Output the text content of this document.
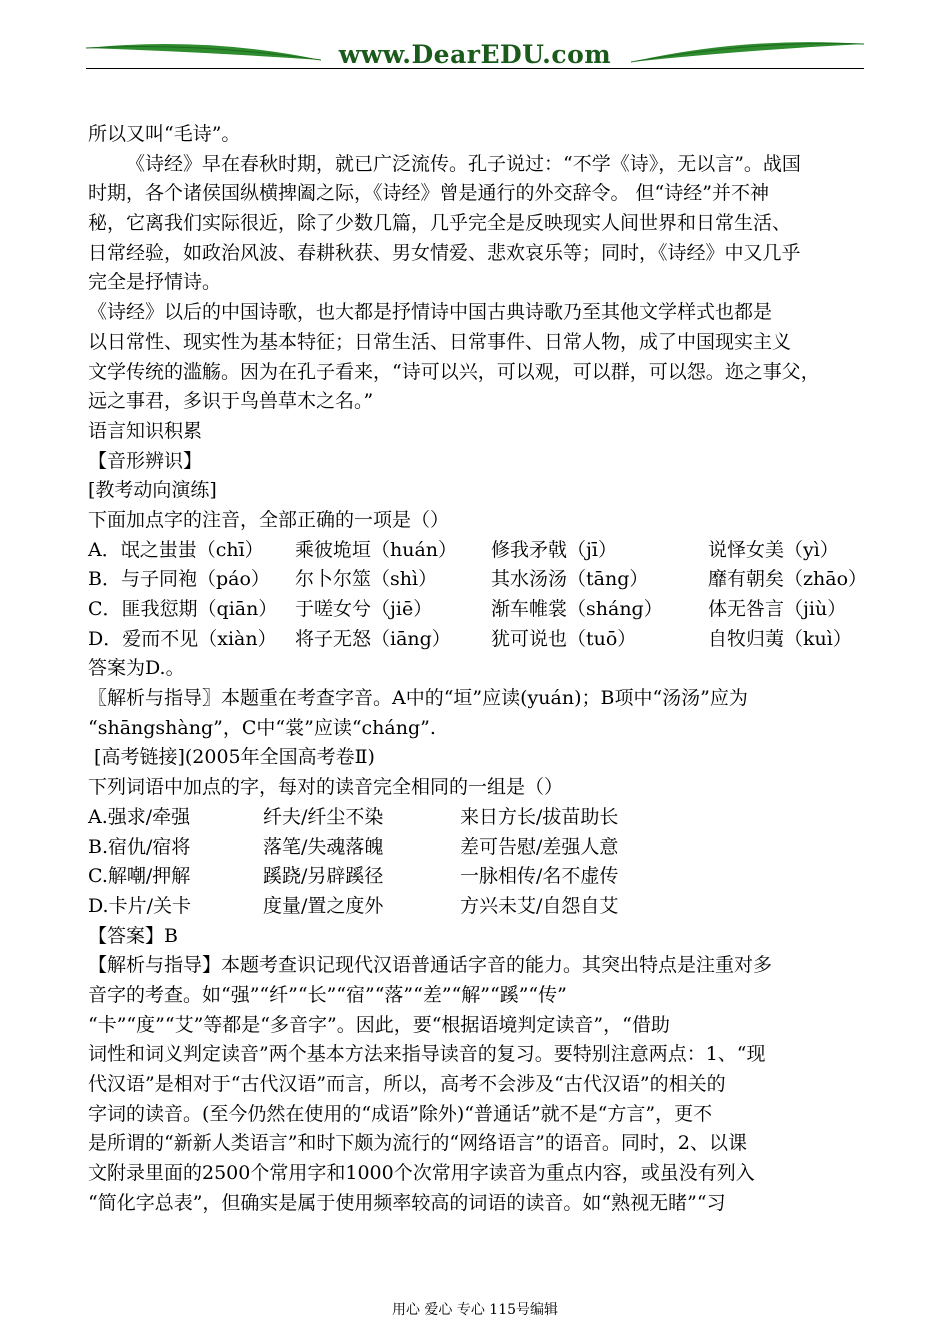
www.DearEDU.com
所以又叫“毛诗”。
《诗经》早在春秋时期，就已广泛流传。孔子说过：“不学《诗》，无以言”。战国
时期，各个诸侯国纵横捭阖之际，《诗经》曾是通行的外交辞令。 但“诗经”并不神
秘，它离我们实际很近，除了少数几篇，几乎完全是反映现实人间世界和日常生活、
日常经验，如政治风波、春耕秋获、男女情爱、悲欢哀乐等；同时，《诗经》中又几乎
完全是抒情诗。
《诗经》以后的中国诗歌，也大都是抒情诗中国古典诗歌乃至其他文学样式也都是
以日常性、现实性为基本特征；日常生活、日常事件、日常人物，成了中国现实主义
文学传统的滥觞。因为在孔子看来，“诗可以兴，可以观，可以群，可以怨。迩之事父，
远之事君，多识于鸟兽草木之名。”
语言知识积累
【音形辨识】
[教考动向演练]
下面加点字的注音，全部正确的一项是（）
A．氓之蚩蚩（chī） 乘彼垝垣（huán） 修我矛戟（jī）	说怿女美（yì）
B．与子同袍（páo） 尔卜尔筮（shì）	其水汤汤（tāng）	靡有朝矣（zhāo）
C．匪我愆期（qiān） 于嗟女兮（jiē）	渐车帷裳（shánɡ） 体无咎言（jiù）
D．爱而不见（xiàn） 将子无怒（iāng） 犹可说也（tuō）	自牧归荑（kuì）
答案为D.。
〖解析与指导〗本题重在考查字音。A中的“垣”应读(yuán)；B项中“汤汤”应为
“shāngshàng”，C中“裳”应读“cháng”.
[高考链接](2005年全国高考卷Ⅱ)
下列词语中加点的字，每对的读音完全相同的一组是（）
A.强求/牵强	纤夫/纤尘不染	来日方长/拔苗助长
B.宿仇/宿将	落笔/失魂落魄	差可告慰/差强人意
C.解嘲/押解	蹊跷/另辟蹊径	一脉相传/名不虚传
D.卡片/关卡	度量/置之度外	方兴未艾/自怨自艾
【答案】B
【解析与指导】本题考查识记现代汉语普通话字音的能力。其突出特点是注重对多
音字的考查。如“强”“纤”“长”“宿”“落”“差”“解”“蹊”“传”
“卡”“度”“艾”等都是“多音字”。因此，要“根据语境判定读音”，“借助
词性和词义判定读音”两个基本方法来指导读音的复习。要特别注意两点：1、“现
代汉语”是相对于“古代汉语”而言，所以，高考不会涉及“古代汉语”的相关的
字词的读音。(至今仍然在使用的“成语”除外)“普通话”就不是“方言”，更不
是所谓的“新新人类语言”和时下颇为流行的“网络语言”的语音。同时，2、以课
文附录里面的2500个常用字和1000个次常用字读音为重点内容，或虽没有列入
“简化字总表”，但确实是属于使用频率较高的词语的读音。如“熟视无睹”“习
用心 爱心 专心 115号编辑
